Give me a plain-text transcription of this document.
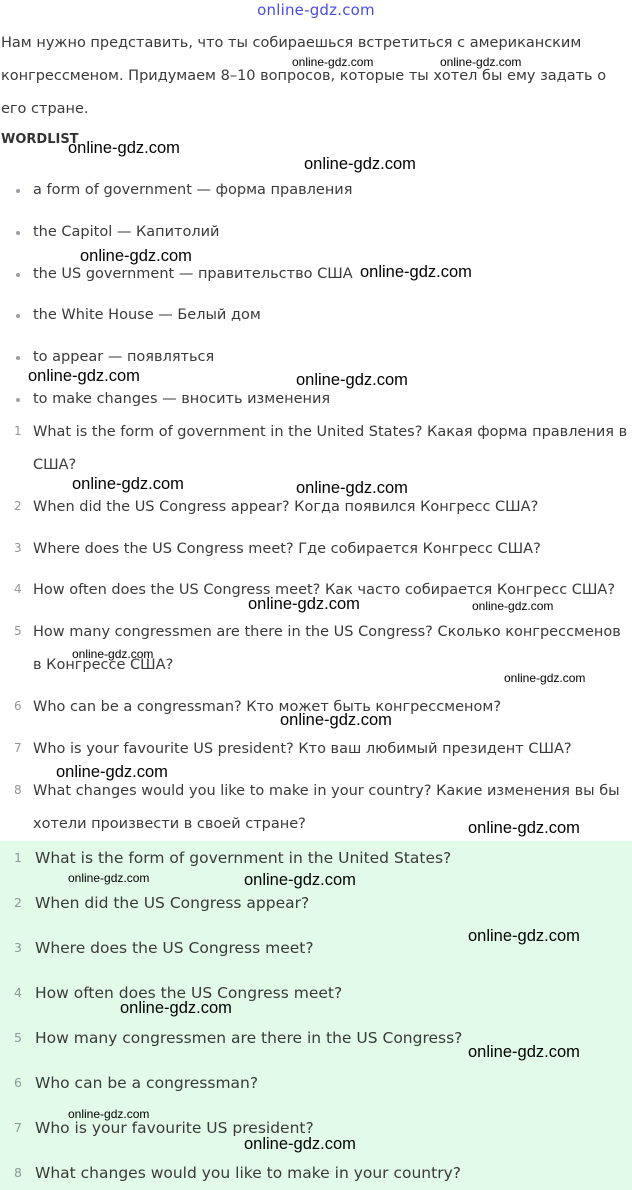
online-gdz.com
Нам нужно представить, что ты собираешься встретиться с американским конгрессменом. Придумаем 8–10 вопросов, которые ты хотел бы ему задать о его стране.
WORDLIST
a form of government — форма правления
the Capitol — Капитолий
the US government — правительство США
the White House — Белый дом
to appear — появляться
to make changes — вносить изменения
1 What is the form of government in the United States? Какая форма правления в США?
2 When did the US Congress appear? Когда появился Конгресс США?
3 Where does the US Congress meet? Где собирается Конгресс США?
4 How often does the US Congress meet? Как часто собирается Конгресс США?
5 How many congressmen are there in the US Congress? Сколько конгрессменов в Конгрессе США?
6 Who can be a congressman? Кто может быть конгрессменом?
7 Who is your favourite US president? Кто ваш любимый президент США?
8 What changes would you like to make in your country? Какие изменения вы бы хотели произвести в своей стране?
1 What is the form of government in the United States?
2 When did the US Congress appear?
3 Where does the US Congress meet?
4 How often does the US Congress meet?
5 How many congressmen are there in the US Congress?
6 Who can be a congressman?
7 Who is your favourite US president?
8 What changes would you like to make in your country?
online-gdz.com	online-gdz.com
online-gdz.com
online-gdz.com
online-gdz.com
online-gdz.com
online-gdz.com	online-gdz.com
online-gdz.com	online-gdz.com
online-gdz.com	online-gdz.com
online-gdz.com
online-gdz.com
online-gdz.com
online-gdz.com
online-gdz.com
online-gdz.com	online-gdz.com
online-gdz.com
online-gdz.com
online-gdz.com
online-gdz.com
online-gdz.com
